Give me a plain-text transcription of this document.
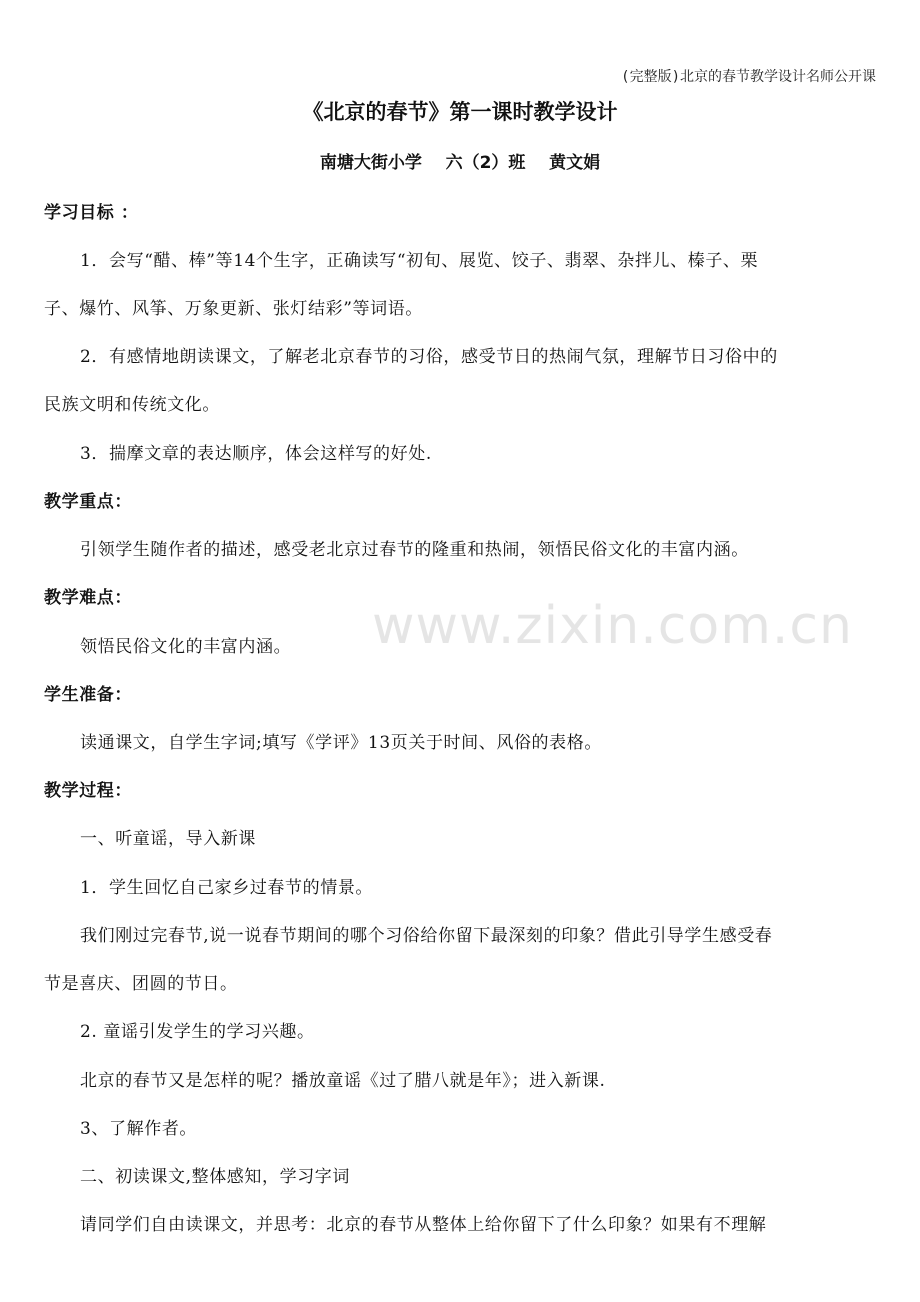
(完整版)北京的春节教学设计名师公开课
《北京的春节》第一课时教学设计
南塘大街小学    六（2）班    黄文娟
www.zixin.com.cn
学习目标 ：
1．会写“醋、棒”等14个生字，正确读写“初旬、展览、饺子、翡翠、杂拌儿、榛子、栗
子、爆竹、风筝、万象更新、张灯结彩”等词语。
2．有感情地朗读课文，了解老北京春节的习俗，感受节日的热闹气氛，理解节日习俗中的
民族文明和传统文化。
3．揣摩文章的表达顺序，体会这样写的好处.
教学重点：
引领学生随作者的描述，感受老北京过春节的隆重和热闹，领悟民俗文化的丰富内涵。
教学难点：
领悟民俗文化的丰富内涵。
学生准备：
读通课文，自学生字词;填写《学评》13页关于时间、风俗的表格。
教学过程：
一、听童谣，导入新课
1．学生回忆自己家乡过春节的情景。
我们刚过完春节,说一说春节期间的哪个习俗给你留下最深刻的印象？借此引导学生感受春
节是喜庆、团圆的节日。
2. 童谣引发学生的学习兴趣。
北京的春节又是怎样的呢？播放童谣《过了腊八就是年》；进入新课.
3、了解作者。
二、初读课文,整体感知，学习字词
请同学们自由读课文，并思考：北京的春节从整体上给你留下了什么印象？如果有不理解
